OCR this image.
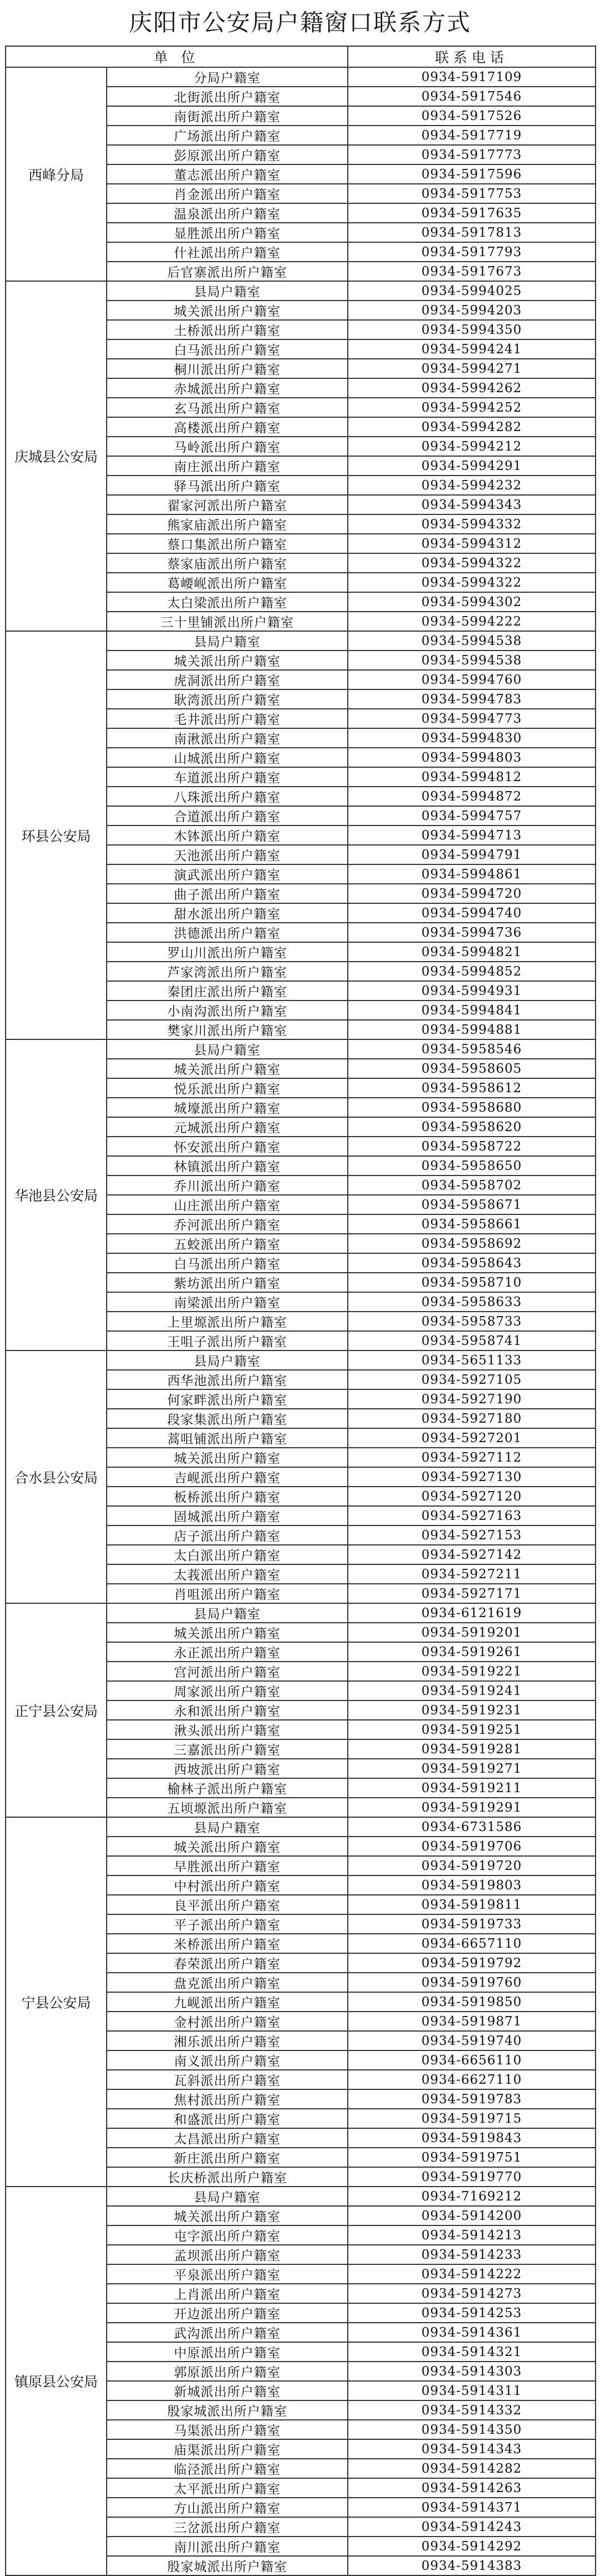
庆阳市公安局户籍窗口联系方式
单 位		联系电话
西峰分局	分局户籍室	0934-5917109
	北街派出所户籍室	0934-5917546
	南街派出所户籍室	0934-5917526
	广场派出所户籍室	0934-5917719
	彭原派出所户籍室	0934-5917773
	董志派出所户籍室	0934-5917596
	肖金派出所户籍室	0934-5917753
	温泉派出所户籍室	0934-5917635
	显胜派出所户籍室	0934-5917813
	什社派出所户籍室	0934-5917793
	后官寨派出所户籍室	0934-5917673
庆城县公安局	县局户籍室	0934-5994025
	城关派出所户籍室	0934-5994203
	土桥派出所户籍室	0934-5994350
	白马派出所户籍室	0934-5994241
	桐川派出所户籍室	0934-5994271
	赤城派出所户籍室	0934-5994262
	玄马派出所户籍室	0934-5994252
	高楼派出所户籍室	0934-5994282
	马岭派出所户籍室	0934-5994212
	南庄派出所户籍室	0934-5994291
	驿马派出所户籍室	0934-5994232
	翟家河派出所户籍室	0934-5994343
	熊家庙派出所户籍室	0934-5994332
	蔡口集派出所户籍室	0934-5994312
	蔡家庙派出所户籍室	0934-5994322
	葛崾岘派出所户籍室	0934-5994322
	太白梁派出所户籍室	0934-5994302
	三十里铺派出所户籍室	0934-5994222
环县公安局	县局户籍室	0934-5994538
	城关派出所户籍室	0934-5994538
	虎洞派出所户籍室	0934-5994760
	耿湾派出所户籍室	0934-5994783
	毛井派出所户籍室	0934-5994773
	南湫派出所户籍室	0934-5994830
	山城派出所户籍室	0934-5994803
	车道派出所户籍室	0934-5994812
	八珠派出所户籍室	0934-5994872
	合道派出所户籍室	0934-5994757
	木钵派出所户籍室	0934-5994713
	天池派出所户籍室	0934-5994791
	演武派出所户籍室	0934-5994861
	曲子派出所户籍室	0934-5994720
	甜水派出所户籍室	0934-5994740
	洪德派出所户籍室	0934-5994736
	罗山川派出所户籍室	0934-5994821
	芦家湾派出所户籍室	0934-5994852
	秦团庄派出所户籍室	0934-5994931
	小南沟派出所户籍室	0934-5994841
	樊家川派出所户籍室	0934-5994881
华池县公安局	县局户籍室	0934-5958546
	城关派出所户籍室	0934-5958605
	悦乐派出所户籍室	0934-5958612
	城壕派出所户籍室	0934-5958680
	元城派出所户籍室	0934-5958620
	怀安派出所户籍室	0934-5958722
	林镇派出所户籍室	0934-5958650
	乔川派出所户籍室	0934-5958702
	山庄派出所户籍室	0934-5958671
	乔河派出所户籍室	0934-5958661
	五蛟派出所户籍室	0934-5958692
	白马派出所户籍室	0934-5958643
	紫坊派出所户籍室	0934-5958710
	南梁派出所户籍室	0934-5958633
	上里塬派出所户籍室	0934-5958733
	王咀子派出所户籍室	0934-5958741
合水县公安局	县局户籍室	0934-5651133
	西华池派出所户籍室	0934-5927105
	何家畔派出所户籍室	0934-5927190
	段家集派出所户籍室	0934-5927180
	蒿咀铺派出所户籍室	0934-5927201
	城关派出所户籍室	0934-5927112
	吉岘派出所户籍室	0934-5927130
	板桥派出所户籍室	0934-5927120
	固城派出所户籍室	0934-5927163
	店子派出所户籍室	0934-5927153
	太白派出所户籍室	0934-5927142
	太莪派出所户籍室	0934-5927211
	肖咀派出所户籍室	0934-5927171
正宁县公安局	县局户籍室	0934-6121619
	城关派出所户籍室	0934-5919201
	永正派出所户籍室	0934-5919261
	宫河派出所户籍室	0934-5919221
	周家派出所户籍室	0934-5919241
	永和派出所户籍室	0934-5919231
	湫头派出所户籍室	0934-5919251
	三嘉派出所户籍室	0934-5919281
	西坡派出所户籍室	0934-5919271
	榆林子派出所户籍室	0934-5919211
	五顷塬派出所户籍室	0934-5919291
宁县公安局	县局户籍室	0934-6731586
	城关派出所户籍室	0934-5919706
	早胜派出所户籍室	0934-5919720
	中村派出所户籍室	0934-5919803
	良平派出所户籍室	0934-5919811
	平子派出所户籍室	0934-5919733
	米桥派出所户籍室	0934-6657110
	春荣派出所户籍室	0934-5919792
	盘克派出所户籍室	0934-5919760
	九岘派出所户籍室	0934-5919850
	金村派出所户籍室	0934-5919871
	湘乐派出所户籍室	0934-5919740
	南义派出所户籍室	0934-6656110
	瓦斜派出所户籍室	0934-6627110
	焦村派出所户籍室	0934-5919783
	和盛派出所户籍室	0934-5919715
	太昌派出所户籍室	0934-5919843
	新庄派出所户籍室	0934-5919751
	长庆桥派出所户籍室	0934-5919770
镇原县公安局	县局户籍室	0934-7169212
	城关派出所户籍室	0934-5914200
	屯字派出所户籍室	0934-5914213
	孟坝派出所户籍室	0934-5914233
	平泉派出所户籍室	0934-5914222
	上肖派出所户籍室	0934-5914273
	开边派出所户籍室	0934-5914253
	武沟派出所户籍室	0934-5914361
	中原派出所户籍室	0934-5914321
	郭原派出所户籍室	0934-5914303
	新城派出所户籍室	0934-5914311
	殷家城派出所户籍室	0934-5914332
	马渠派出所户籍室	0934-5914350
	庙渠派出所户籍室	0934-5914343
	临泾派出所户籍室	0934-5914282
	太平派出所户籍室	0934-5914263
	方山派出所户籍室	0934-5914371
	三岔派出所户籍室	0934-5914243
	南川派出所户籍室	0934-5914292
	殷家城派出所户籍室	0934-5914383
